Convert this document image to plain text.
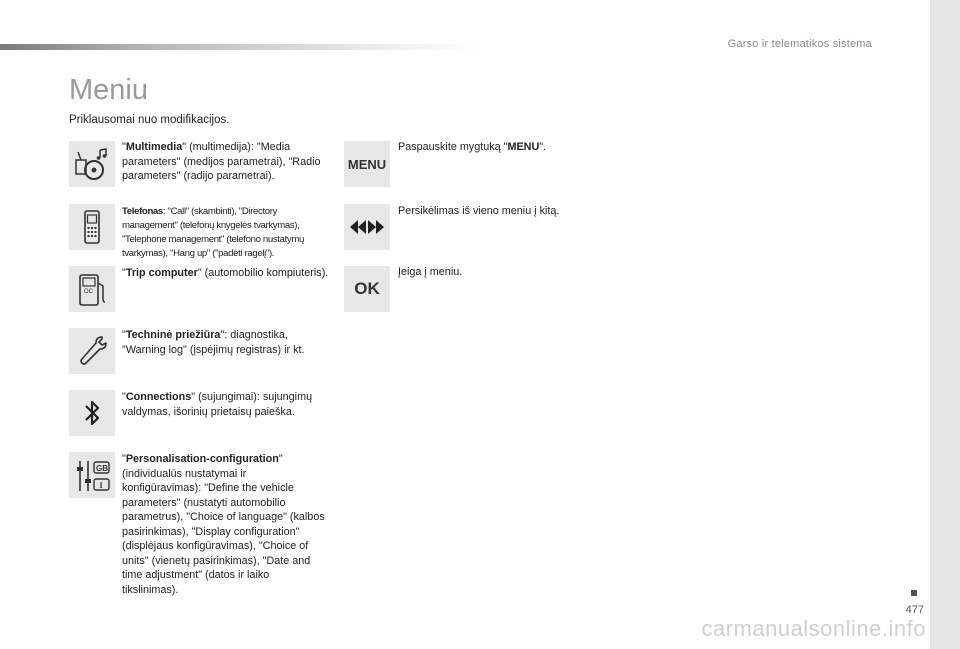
Garso ir telematikos sistema
Meniu
Priklausomai nuo modifikacijos.
"Multimedia" (multimedija): "Media parameters" (medijos parametrai), "Radio parameters" (radijo parametrai).
Telefonas: "Call" (skambinti), "Directory management" (telefonų knygelės tvarkymas), "Telephone management" (telefono nustatymų tvarkymas), "Hang up" ("padėti ragelį").
OC
"Trip computer" (automobilio kompiuteris).
"Techninė priežiūra": diagnostika, "Warning log" (įspėjimų registras) ir kt.
"Connections" (sujungimai): sujungimų valdymas, išorinių prietaisų paieška.
GB
I
"Personalisation-configuration" (individualūs nustatymai ir konfigūravimas): "Define the vehicle parameters" (nustatyti automobilio parametrus), "Choice of language" (kalbos pasirinkimas), "Display configuration" (displėjaus konfigūravimas), "Choice of units" (vienetų pasirinkimas), "Date and time adjustment" (datos ir laiko tikslinimas).
MENU
Paspauskite mygtuką "MENU".
Persikėlimas iš vieno meniu į kitą.
OK
Įeiga į meniu.
477
carmanualsonline.info
